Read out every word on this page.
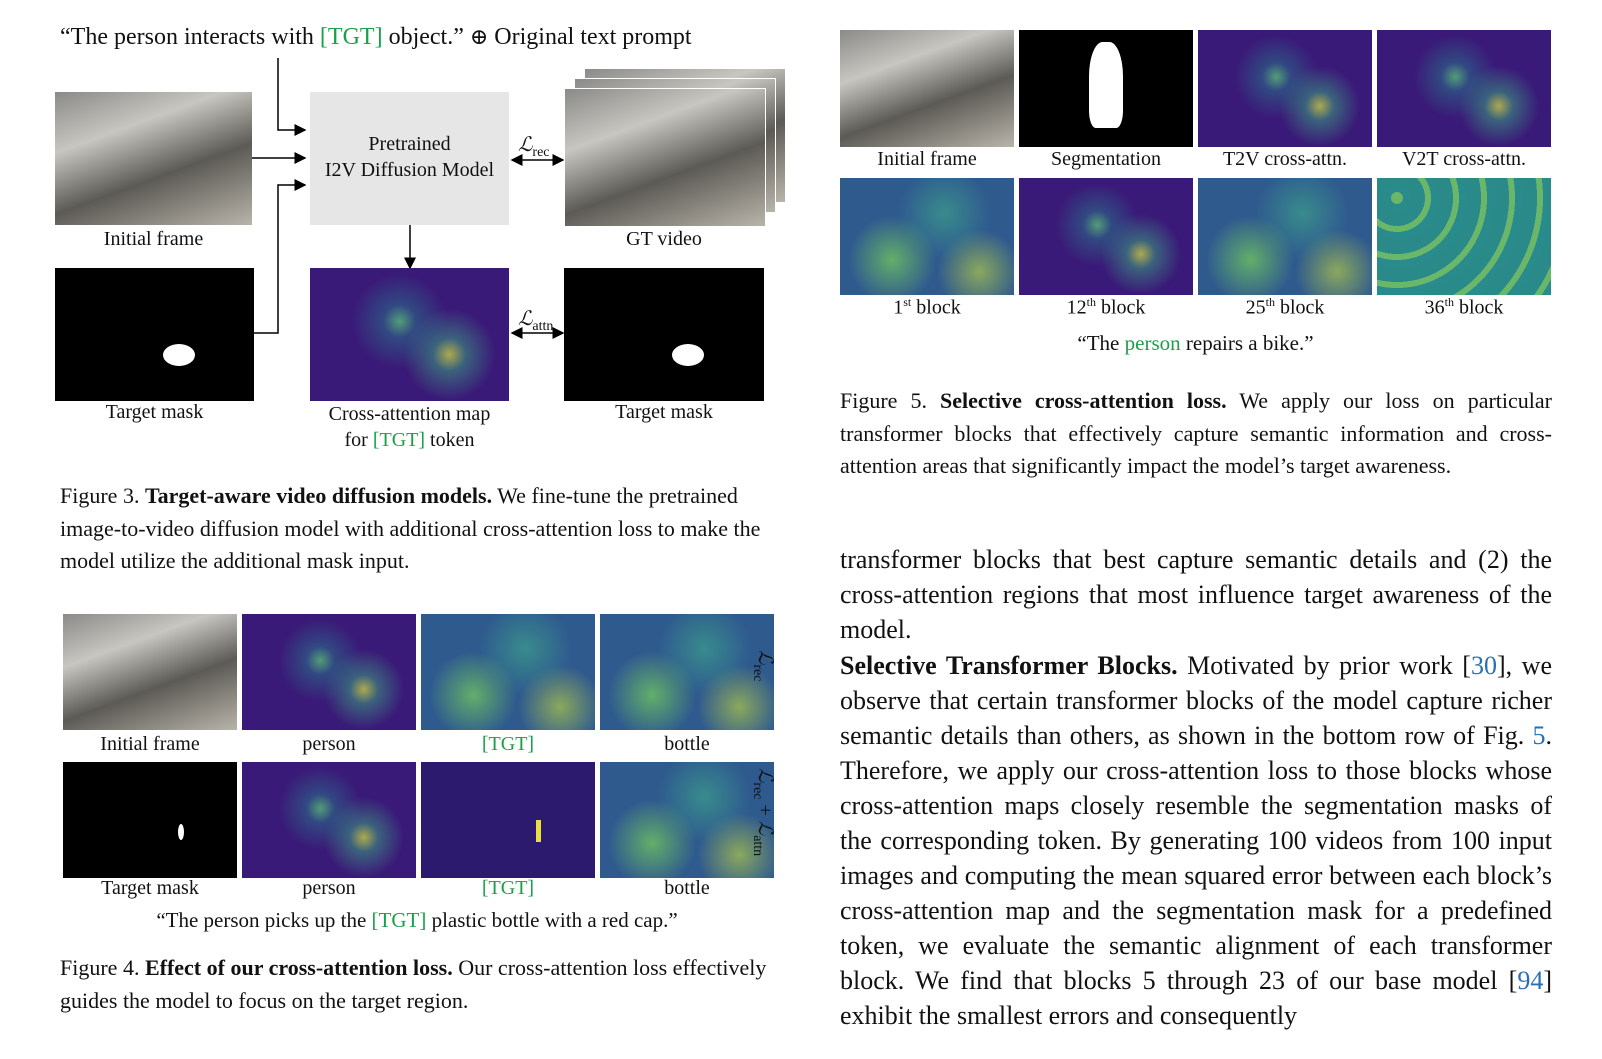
“The person interacts with [TGT] object.” ⊕ Original text prompt
Initial frame
Pretrained
I2V Diffusion Model
ℒ$_{rec}$
GT video
Target mask	Cross-attention map
for [TGT] token
ℒ$_{attn}$
Target mask
Figure 3. Target-aware video diffusion models. We fine-tune the pretrained image-to-video diffusion model with additional cross-attention loss to make the model utilize the additional mask input.
Initial frame	person	[TGT]	bottle
ℒ$_{rec}$
Target mask	person	[TGT]	bottle
ℒ$_{rec}$ + ℒ$_{attn}$
“The person picks up the [TGT] plastic bottle with a red cap.”
Figure 4. Effect of our cross-attention loss. Our cross-attention loss effectively guides the model to focus on the target region.
Initial frame	Segmentation	T2V cross-attn.	V2T cross-attn.
1st block	12th block	25th block	36th block
“The person repairs a bike.”
Figure 5. Selective cross-attention loss. We apply our loss on particular transformer blocks that effectively capture semantic information and cross-attention areas that significantly impact the model’s target awareness.
transformer blocks that best capture semantic details and (2) the cross-attention regions that most influence target awareness of the model.
Selective Transformer Blocks. Motivated by prior work [30], we observe that certain transformer blocks of the model capture richer semantic details than others, as shown in the bottom row of Fig. 5. Therefore, we apply our cross-attention loss to those blocks whose cross-attention maps closely resemble the segmentation masks of the corresponding token. By generating 100 videos from 100 input images and computing the mean squared error between each block’s cross-attention map and the segmentation mask for a predefined token, we evaluate the semantic alignment of each transformer block. We find that blocks 5 through 23 of our base model [94] exhibit the smallest errors and consequently
